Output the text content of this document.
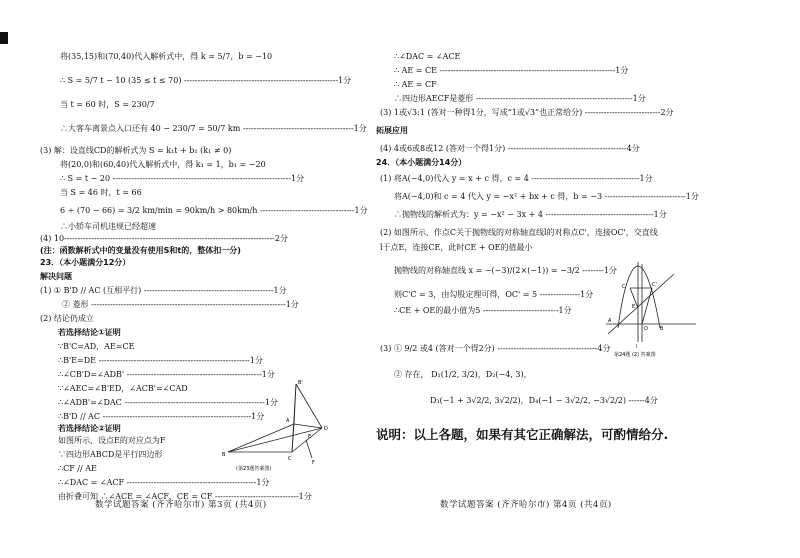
将(35,15)和(70,40)代入解析式中，得 k = 5/7，b = −10
∴ S = 5/7 t − 10 (35 ≤ t ≤ 70) ---------------------------------------------------------1分
当 t = 60 时，S = 230/7
∴大客车离景点入口还有 40 − 230/7 = 50/7 km -----------------------------------------1分
(3) 解：设直线CD的解析式为 S = k₁t + b₁ (k₁ ≠ 0)
将(20,0)和(60,40)代入解析式中，得 k₁ = 1，b₁ = −20
∴ S = t − 20 ------------------------------------------------------------------1分
当 S = 46 时，t = 66
6 ÷ (70 − 66) = 3/2 km/min = 90km/h > 80km/h -----------------------------------1分
∴小轿车司机违规已经超速
(4) 10------------------------------------------------------------------------------2分
(注：函数解析式中的变量没有使用S和t的，整体扣一分)
23．（本小题满分12分）
解决问题
(1) ① B'D // AC (互相平行) ------------------------------------------------1分
② 菱形 ------------------------------------------------------------------------1分
(2) 结论仍成立
若选择结论①证明
∵B'C=AD，AE=CE
∴B'E=DE --------------------------------------------------------1分
∴∠CB'D=∠ADB' --------------------------------------------------1分
∵∠AEC=∠B'ED，∠ACB'=∠CAD
∴∠ADB'=∠DAC ----------------------------------------------------1分
∴B'D // AC -------------------------------------------------------1分
若选择结论②证明
如图所示，设点E的对应点为F
∵四边形ABCD是平行四边形
∴CF // AE
∴∠DAC = ∠ACF ------------------------------------------------1分
由折叠可知 ∴∠ACE = ∠ACF，CE = CF -------------------------------1分
B'
A
D
E
F
B
C
(第23题答案图)
数学试题答案 (齐齐哈尔市) 第3页 (共4页)
∴∠DAC = ∠ACE
∴ AE = CE -----------------------------------------------------------------1分
∴ AE = CF
∴四边形AECF是菱形 ----------------------------------------------------------1分
(3) 1或√3:1 (答对一种得1分，写成“1或√3”也正常给分) ----------------------------2分
拓展应用
(4) 4或6或8或12 (答对一个得1分) --------------------------------------------4分
24．（本小题满分14分）
(1) 将A(−4,0)代入 y = x + c 得，c = 4 ----------------------------------------1分
将A(−4,0)和 c = 4 代入 y = −x² + bx + c 得，b = −3 ------------------------------1分
∴抛物线的解析式为：y = −x² − 3x + 4 ----------------------------------------1分
(2) 如图所示，作点C关于抛物线的对称轴直线l的对称点C'，连接OC'，交直线
l于点E，连接CE，此时CE + OE的值最小
抛物线的对称轴直线 x = −(−3)/(2×(−1)) = −3/2 --------1分
则C'C = 3，由勾股定理可得，OC' = 5 ---------------1分
∴CE + OE的最小值为5 ----------------------------1分
(3) ① 9/2 或4 (答对一个得2分) -------------------------------------4分
② 存在， D₁(1/2, 3/2)，D₂(−4, 3)，
D₃(−1 + 3√2/2, 3√2/2)，D₄(−1 − 3√2/2, −3√2/2) ------4分
说明：以上各题，如果有其它正确解法，可酌情给分.
C	C'
E
A
O B
l
第24题 (2) 答案图
数学试题答案 (齐齐哈尔市) 第4页 (共4页)
